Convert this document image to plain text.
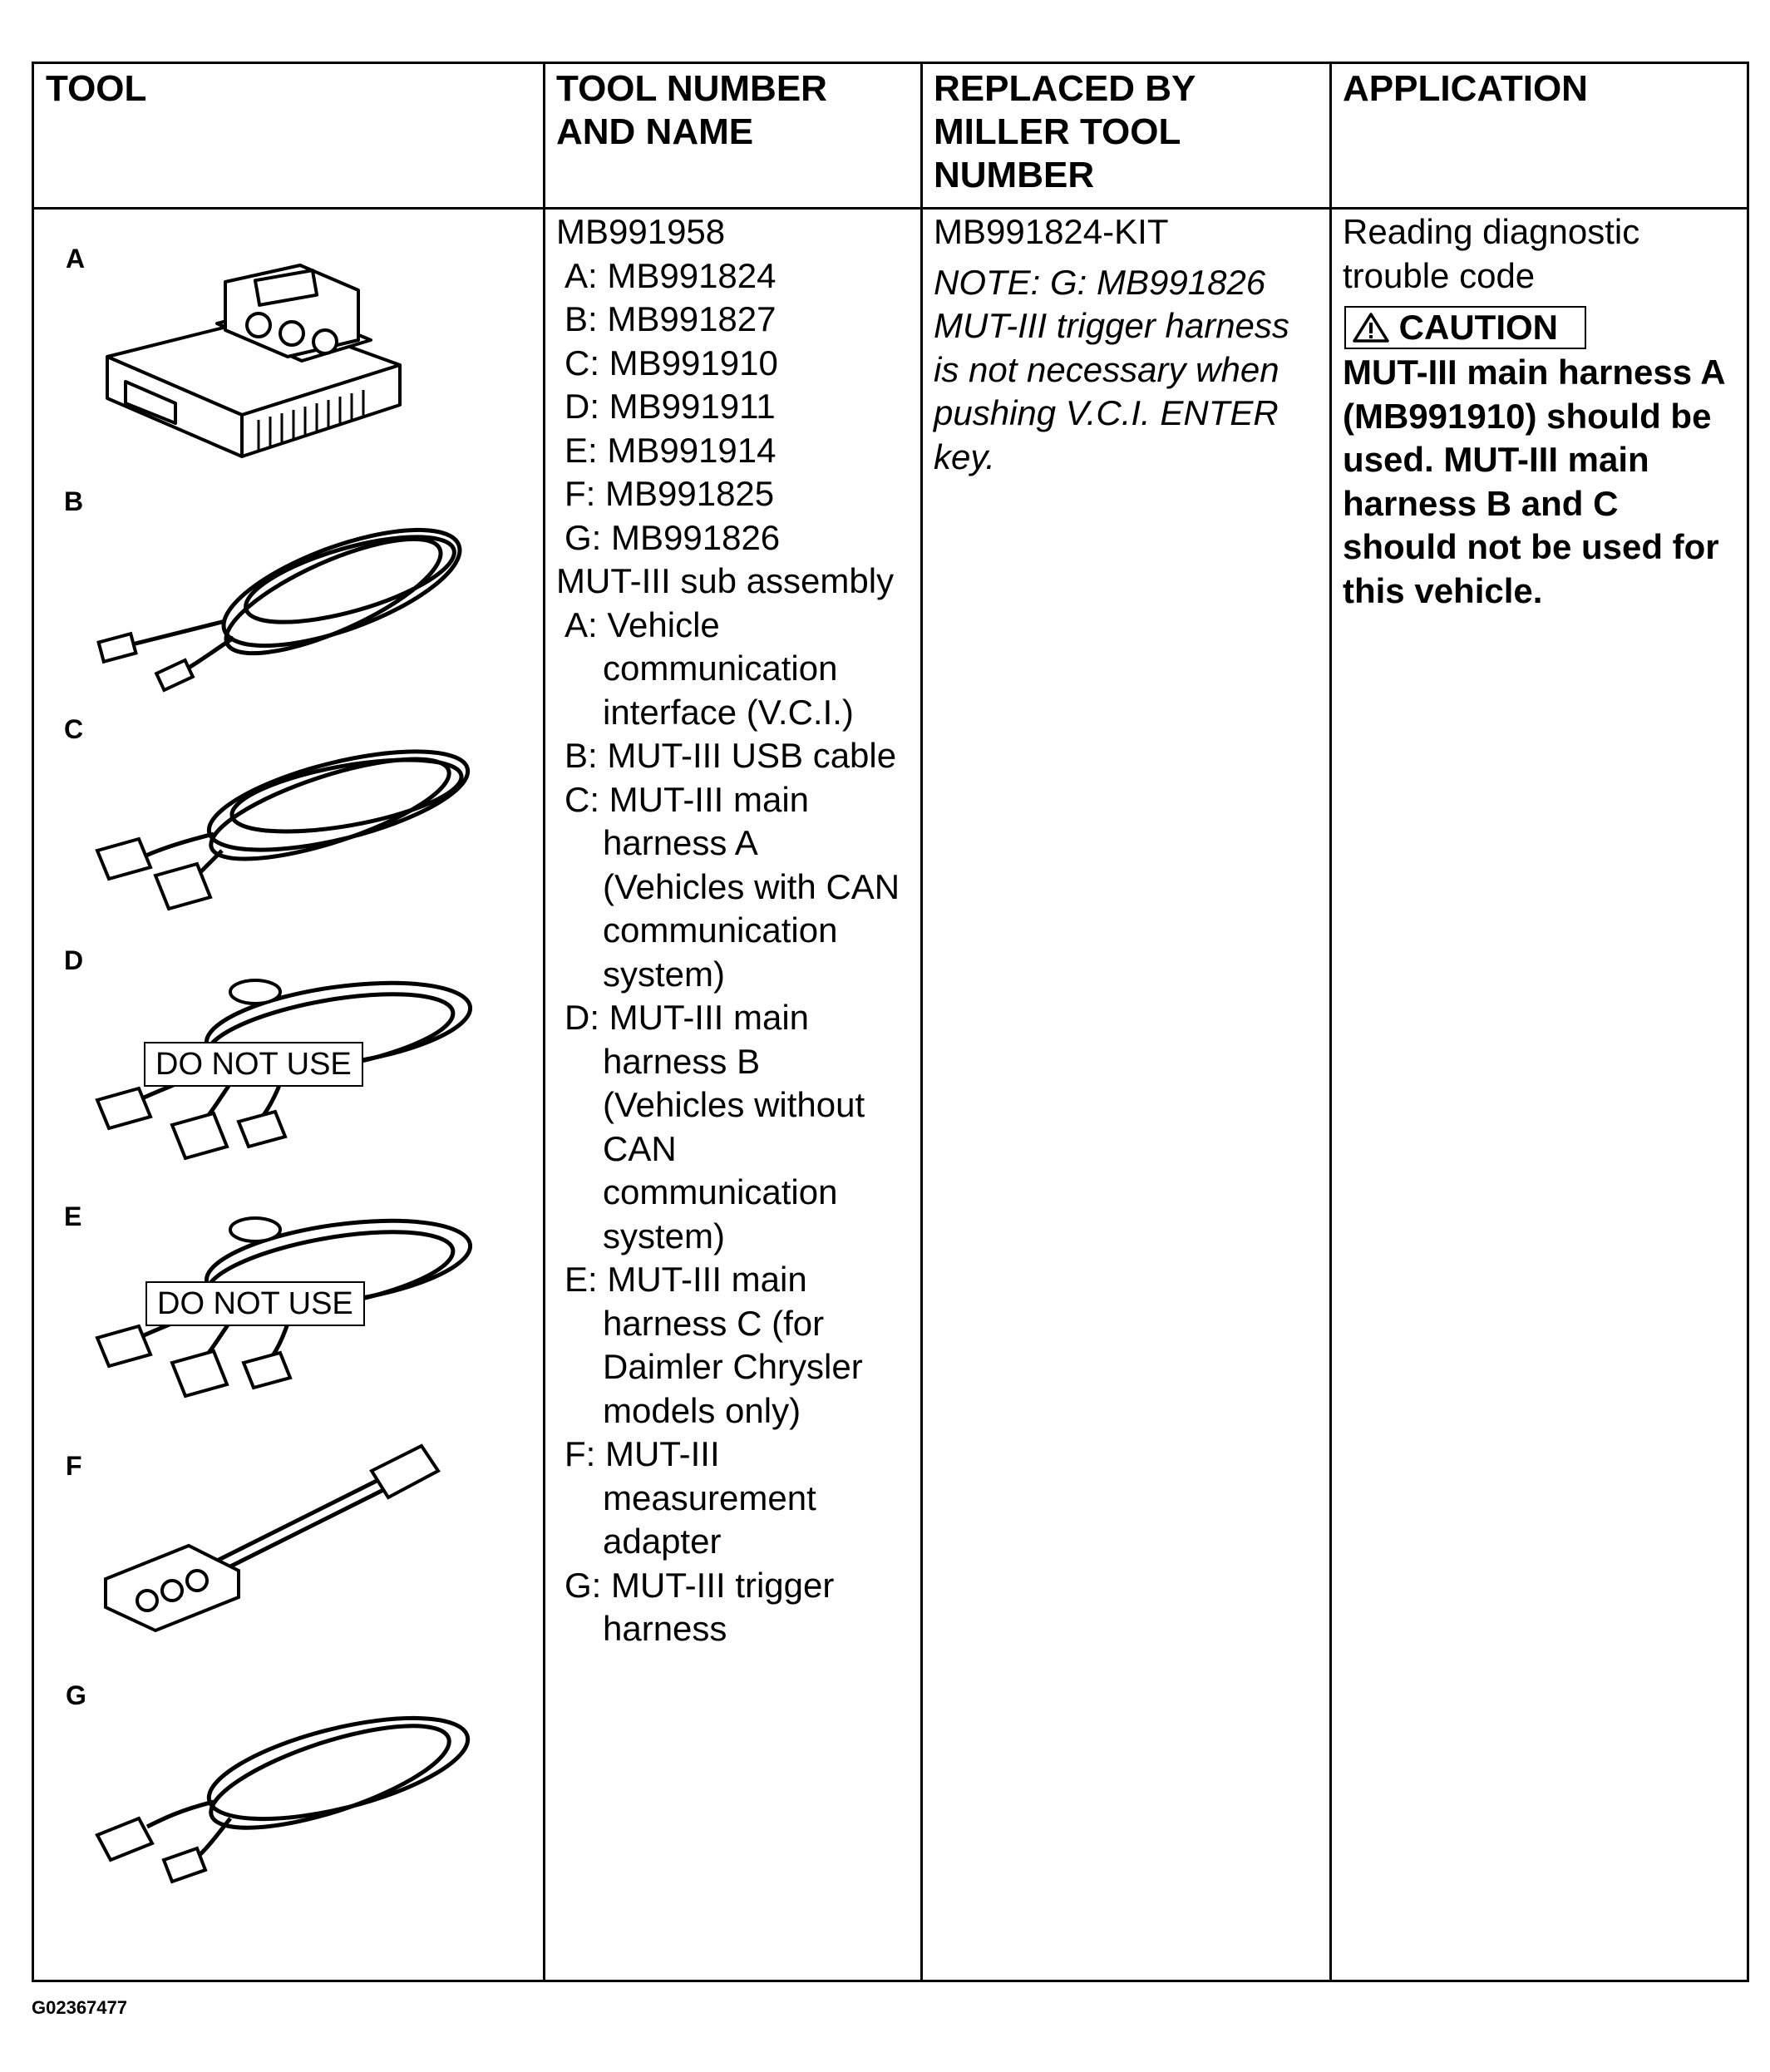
TOOL	TOOL NUMBER
AND NAME
REPLACED BY
MILLER TOOL
NUMBER
APPLICATION
A
B
C
D
E
F
G
DO NOT USE
DO NOT USE
MB991958
A: MB991824
B: MB991827
C: MB991910
D: MB991911
E: MB991914
F: MB991825
G: MB991826
MUT-III sub assembly
A: Vehicle
communication
interface (V.C.I.)
B: MUT-III USB cable
C: MUT-III main
harness A
(Vehicles with CAN
communication
system)
D: MUT-III main
harness B
(Vehicles without
CAN
communication
system)
E: MUT-III main
harness C (for
Daimler Chrysler
models only)
F: MUT-III
measurement
adapter
G: MUT-III trigger
harness
MB991824-KIT
NOTE: G: MB991826
MUT-III trigger harness
is not necessary when
pushing V.C.I. ENTER
key.
Reading diagnostic
trouble code
CAUTION
MUT-III main harness A
(MB991910) should be
used. MUT-III main
harness B and C
should not be used for
this vehicle.
G02367477
